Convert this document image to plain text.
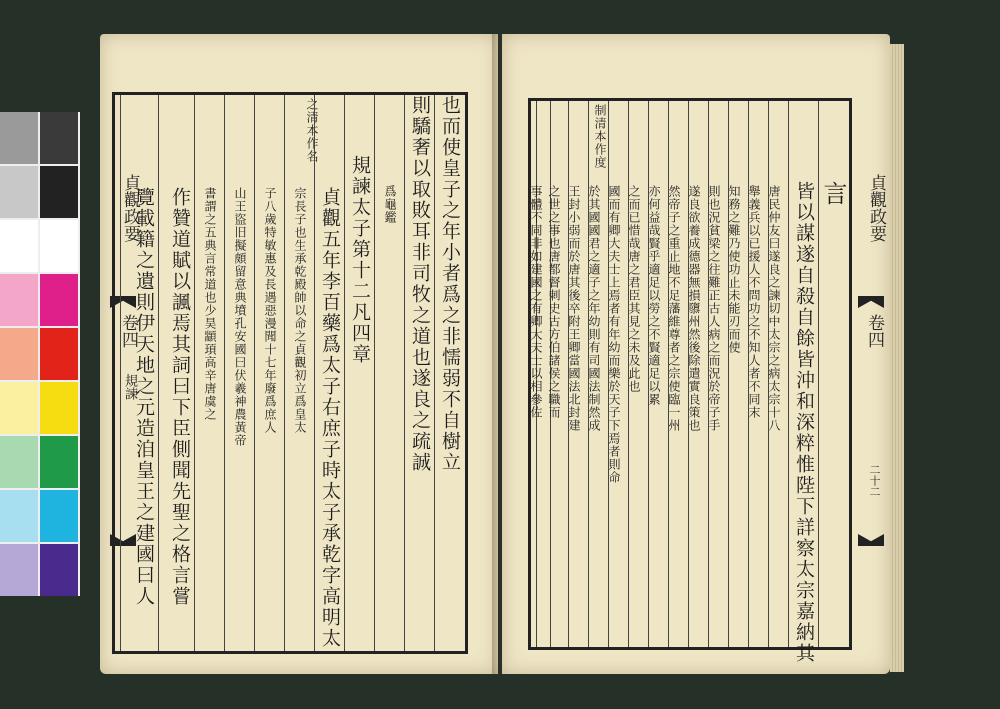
貞觀政要
卷四
規諫
之清本作名	也而使皇子之年小者爲之非懦弱不自樹立
則驕奢以取敗耳非司牧之道也遂良之疏誠
爲龜鑑
規諫太子第十二凡四章
貞觀五年李百藥爲太子右庶子時太子承乾字高明太
宗長子也生承乾殿帥以命之貞觀初立爲皇太
子八歲特敏惠及長遇惡漫聞十七年廢爲庶人
山王盜旧擬頗留意典墳孔安國曰伏羲神農黃帝
書謂之五典言常道也少昊顓頊高辛唐虞之
作贊道賦以諷焉其詞曰下臣側聞先聖之格言嘗
覽載籍之遺則伊天地之元造洎皇王之建國曰人
制清本作度
貞觀政要
卷四
二十二
言
皆以謀遂自殺自餘皆沖和深粹惟陛下詳察太宗嘉納其
唐民仲友曰遂良之諫切中太宗之病太宗十八
舉義兵以已援人不問功之不知人者不同末
知務之難乃使功止未能刃而使
則也況貧梁之往難正古人病之而況於帝子手
遂良欲養成德器無損隳州然後除遣實良策也
然帝子之重止地不足藩維尊者之宗使臨一州
亦何益哉賢乎適足以勞之不賢適足以累
之而已惜哉唐之君臣其見之未及此也
國而有卿大夫士上焉者有年幼而樂於天子下焉者則命
於其國國君之適子之年幼則有司國法制然成
王封小弱而於唐其後卒附王卿當國法北封建
之世之事也唐都督刺史古方伯諸侯之職而
事體不同非如建國之有卿大夫士以相參佐
